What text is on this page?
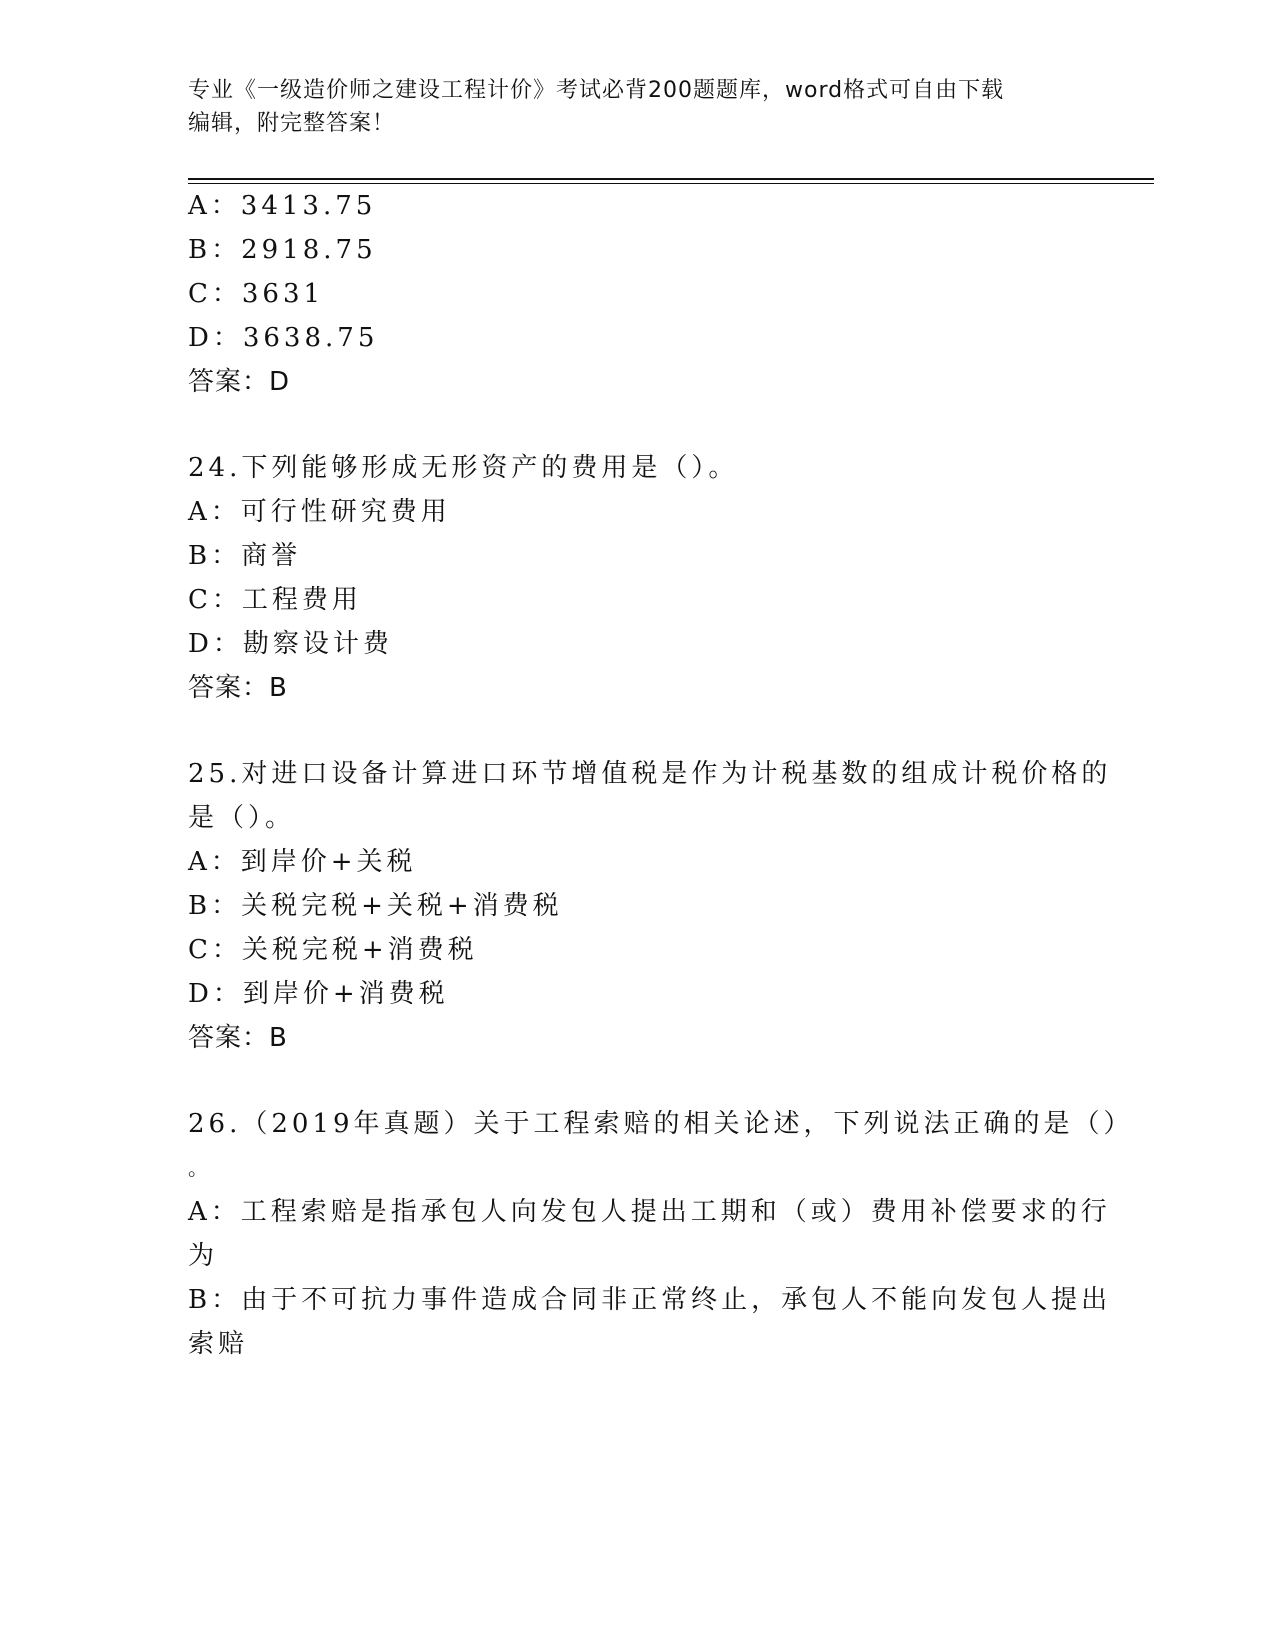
专业《一级造价师之建设工程计价》考试必背200题题库，word格式可自由下载
编辑，附完整答案！
A：3413.75
B：2918.75
C：3631
D：3638.75
答案：D
24.下列能够形成无形资产的费用是（）。
A：可行性研究费用
B：商誉
C：工程费用
D：勘察设计费
答案：B
25.对进口设备计算进口环节增值税是作为计税基数的组成计税价格的
是（）。
A：到岸价+关税
B：关税完税+关税+消费税
C：关税完税+消费税
D：到岸价+消费税
答案：B
26.（2019年真题）关于工程索赔的相关论述，下列说法正确的是（）
。
A：工程索赔是指承包人向发包人提出工期和（或）费用补偿要求的行
为
B：由于不可抗力事件造成合同非正常终止，承包人不能向发包人提出
索赔
